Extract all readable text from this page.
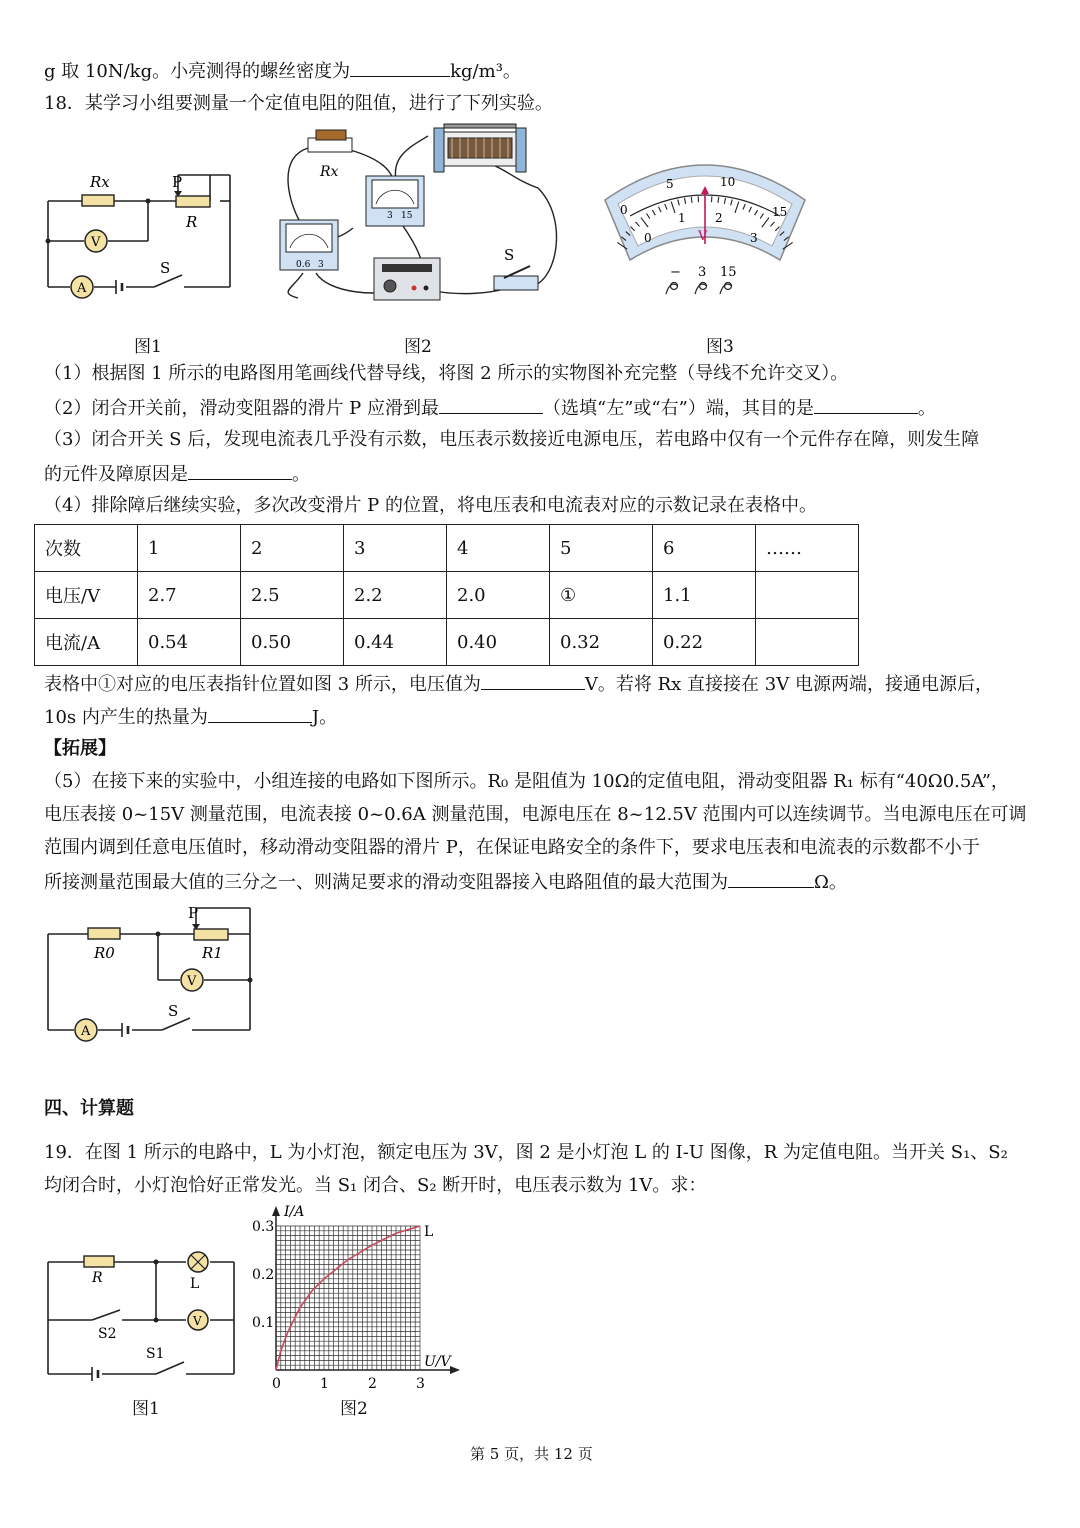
g 取 10N/kg。小亮测得的螺丝密度为	kg/m³。
18．某学习小组要测量一个定值电阻的阻值，进行了下列实验。
Rx	P
R
V
A
S
图1
Rx
3 15
0.6 3
S
图2
5	10
0	15
1 2
0	3
V
− 3 15
图3
（1）根据图 1 所示的电路图用笔画线代替导线，将图 2 所示的实物图补充完整（导线不允许交叉）。
（2）闭合开关前，滑动变阻器的滑片 P 应滑到最	（选填“左”或“右”）端，其目的是	。
（3）闭合开关 S 后，发现电流表几乎没有示数，电压表示数接近电源电压，若电路中仅有一个元件存在障，则发生障
的元件及障原因是	。
（4）排除障后继续实验，多次改变滑片 P 的位置，将电压表和电流表对应的示数记录在表格中。
次数	1	2	3	4	5	6	……
电压/V	2.7	2.5	2.2	2.0	①	1.1	
电流/A	0.54	0.50	0.44	0.40	0.32	0.22	
表格中①对应的电压表指针位置如图 3 所示，电压值为	V。若将 Rx 直接接在 3V 电源两端，接通电源后，
10s 内产生的热量为	J。
【拓展】
（5）在接下来的实验中，小组连接的电路如下图所示。R₀ 是阻值为 10Ω的定值电阻，滑动变阻器 R₁ 标有“40Ω0.5A”，
电压表接 0~15V 测量范围，电流表接 0~0.6A 测量范围，电源电压在 8~12.5V 范围内可以连续调节。当电源电压在可调
范围内调到任意电压值时，移动滑动变阻器的滑片 P，在保证电路安全的条件下，要求电压表和电流表的示数都不小于
所接测量范围最大值的三分之一、则满足要求的滑动变阻器接入电路阻值的最大范围为	Ω。
P
R0	R1
V
A
S
四、计算题
19．在图 1 所示的电路中，L 为小灯泡，额定电压为 3V，图 2 是小灯泡 L 的 I-U 图像，R 为定值电阻。当开关 S₁、S₂
均闭合时，小灯泡恰好正常发光。当 S₁ 闭合、S₂ 断开时，电压表示数为 1V。求：
R	L
V
S2
S1
图1
I/A
U/V
L
0	1	2	3
0.1
0.2
0.3
图2
第 5 页，共 12 页
